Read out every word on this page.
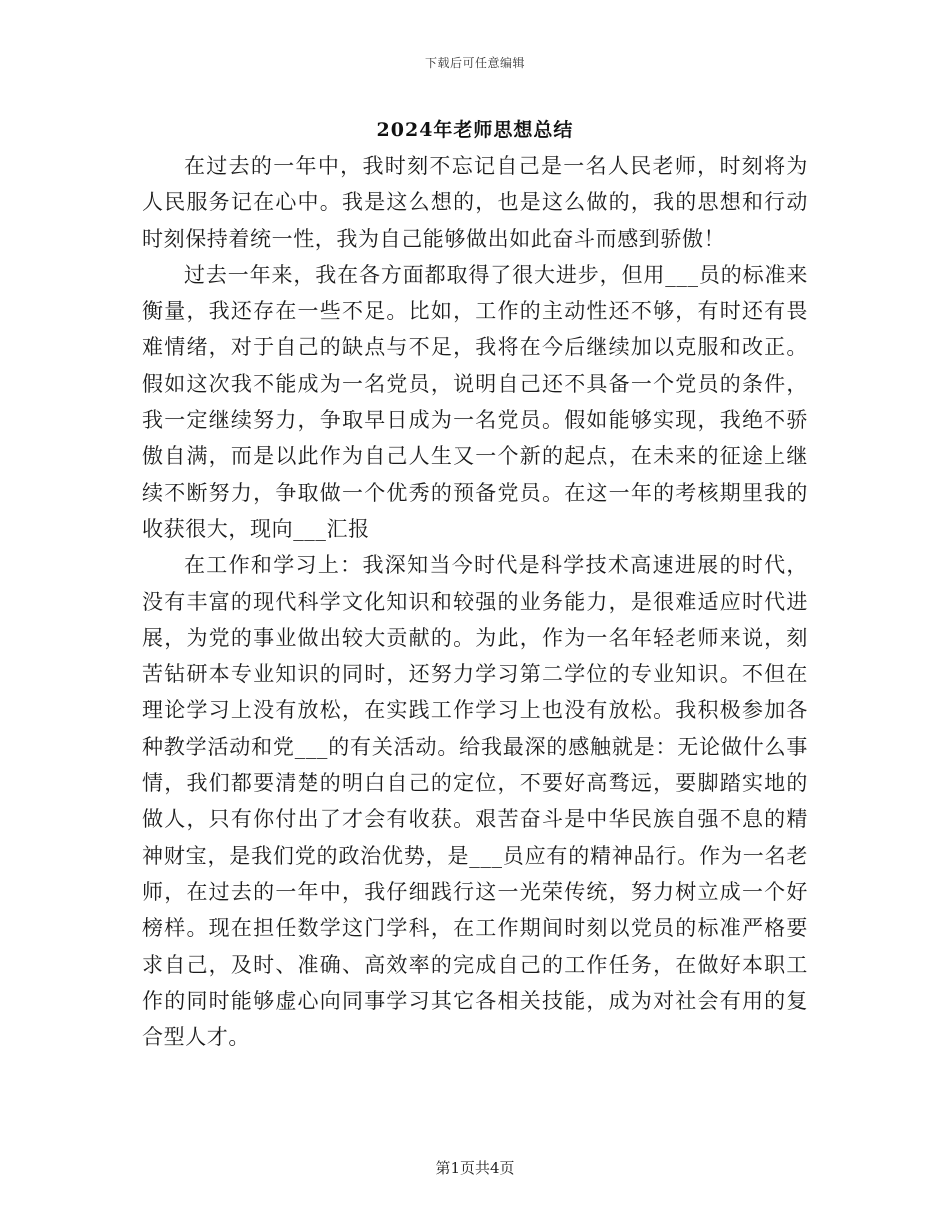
下载后可任意编辑
2024年老师思想总结

在过去的一年中，我时刻不忘记自己是一名人民老师，时刻将为人民服务记在心中。我是这么想的，也是这么做的，我的思想和行动时刻保持着统一性，我为自己能够做出如此奋斗而感到骄傲！

过去一年来，我在各方面都取得了很大进步，但用___员的标准来衡量，我还存在一些不足。比如，工作的主动性还不够，有时还有畏难情绪，对于自己的缺点与不足，我将在今后继续加以克服和改正。假如这次我不能成为一名党员，说明自己还不具备一个党员的条件，我一定继续努力，争取早日成为一名党员。假如能够实现，我绝不骄傲自满，而是以此作为自己人生又一个新的起点，在未来的征途上继续不断努力，争取做一个优秀的预备党员。在这一年的考核期里我的收获很大，现向___汇报

在工作和学习上：我深知当今时代是科学技术高速进展的时代，没有丰富的现代科学文化知识和较强的业务能力，是很难适应时代进展，为党的事业做出较大贡献的。为此，作为一名年轻老师来说，刻苦钻研本专业知识的同时，还努力学习第二学位的专业知识。不但在理论学习上没有放松，在实践工作学习上也没有放松。我积极参加各种教学活动和党___的有关活动。给我最深的感触就是：无论做什么事情，我们都要清楚的明白自己的定位，不要好高骛远，要脚踏实地的做人，只有你付出了才会有收获。艰苦奋斗是中华民族自强不息的精神财宝，是我们党的政治优势，是___员应有的精神品行。作为一名老师，在过去的一年中，我仔细践行这一光荣传统，努力树立成一个好榜样。现在担任数学这门学科，在工作期间时刻以党员的标准严格要求自己，及时、准确、高效率的完成自己的工作任务，在做好本职工作的同时能够虚心向同事学习其它各相关技能，成为对社会有用的复合型人才。

第1页共4页
